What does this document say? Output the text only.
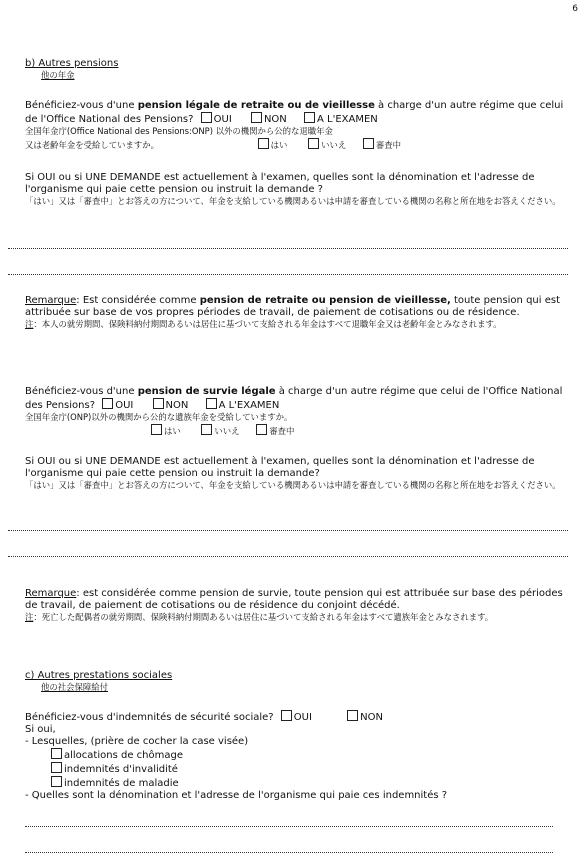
6
b) Autres pensions
他の年金
Bénéficiez-vous d'une pension légale de retraite ou de vieillesse à charge d'un autre régime que celui de l'Office National des Pensions? OUI	NON	A L'EXAMEN
全国年金庁(Office National des Pensions:ONP) 以外の機関から公的な退職年金
又は老齢年金を受給していますか。	はい	いいえ	審査中
Si OUI ou si UNE DEMANDE est actuellement à l'examen, quelles sont la dénomination et l'adresse de l'organisme qui paie cette pension ou instruit la demande ?
「はい」又は「審査中」とお答えの方について、年金を支給している機関あるいは申請を審査している機関の名称と所在地をお答えください。
Remarque: Est considérée comme pension de retraite ou pension de vieillesse, toute pension qui est attribuée sur base de vos propres périodes de travail, de paiement de cotisations ou de résidence.
注：本人の就労期間、保険料納付期間あるいは居住に基づいて支給される年金はすべて退職年金又は老齢年金とみなされます。
Bénéficiez-vous d'une pension de survie légale à charge d'un autre régime que celui de l'Office National des Pensions? OUI	NON	A L'EXAMEN
全国年金庁(ONP)以外の機関から公的な遺族年金を受給していますか。
はい	いいえ	審査中
Si OUI ou si UNE DEMANDE est actuellement à l'examen, quelles sont la dénomination et l'adresse de l'organisme qui paie cette pension ou instruit la demande?
「はい」又は「審査中」とお答えの方について、年金を支給している機関あるいは申請を審査している機関の名称と所在地をお答えください。
Remarque: est considérée comme pension de survie, toute pension qui est attribuée sur base des périodes de travail, de paiement de cotisations ou de résidence du conjoint décédé.
注：死亡した配偶者の就労期間、保険料納付期間あるいは居住に基づいて支給される年金はすべて遺族年金とみなされます。
c) Autres prestations sociales
他の社会保障給付
Bénéficiez-vous d'indemnités de sécurité sociale? OUI	NON
Si oui,
- Lesquelles, (prière de cocher la case visée)
allocations de chômage
indemnités d'invalidité
indemnités de maladie
- Quelles sont la dénomination et l'adresse de l'organisme qui paie ces indemnités ?
